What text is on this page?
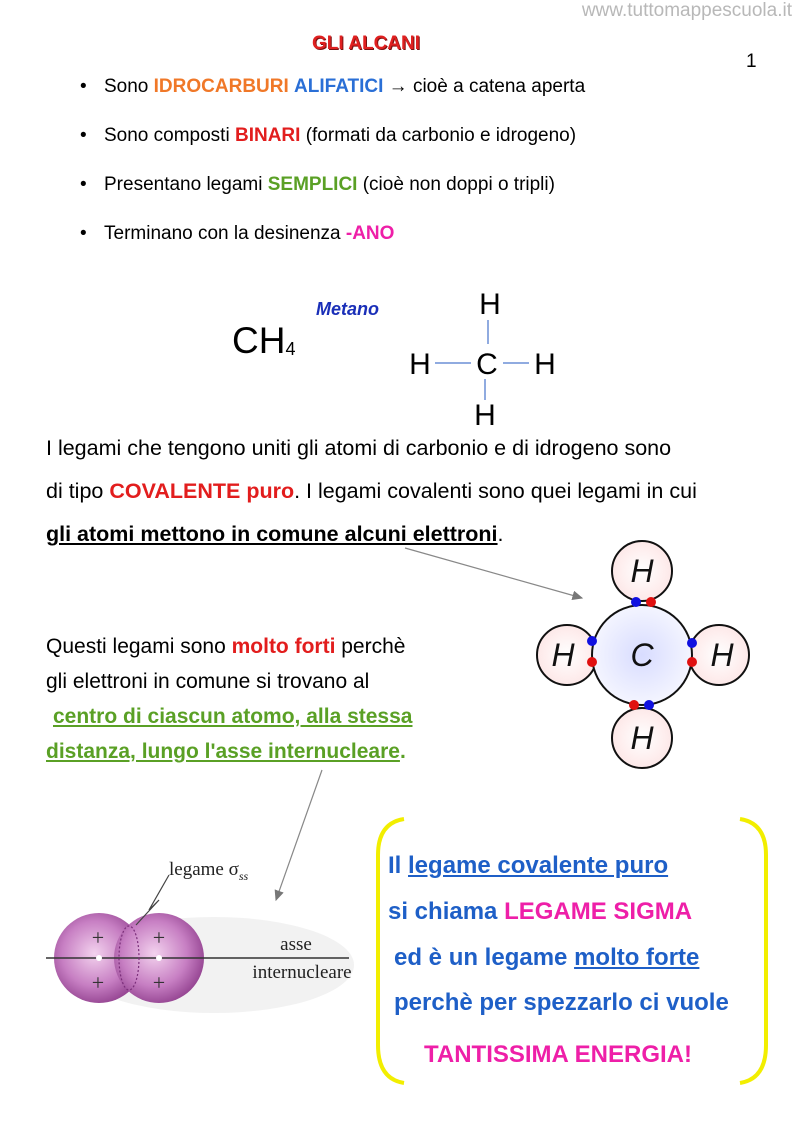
www.tuttomappescuola.it
GLI ALCANI
1
• Sono IDROCARBURI ALIFATICI → cioè a catena aperta
• Sono composti BINARI (formati da carbonio e idrogeno)
• Presentano legami SEMPLICI (cioè non doppi o tripli)
• Terminano con la desinenza -ANO
$CH_4$
Metano	H
H C H
H
I legami che tengono uniti gli atomi di carbonio e di idrogeno sono
di tipo COVALENTE puro. I legami covalenti sono quei legami in cui
gli atomi mettono in comune alcuni elettroni.
H
H C H
H
Questi legami sono molto forti perchè
gli elettroni in comune si trovano al
centro di ciascun atomo, alla stessa
distanza, lungo l'asse internucleare.
+ +
+ +
legame $\sigma_{ss}$
asse
internucleare
Il legame covalente puro
si chiama LEGAME SIGMA
ed è un legame molto forte
perchè per spezzarlo ci vuole
TANTISSIMA ENERGIA!
